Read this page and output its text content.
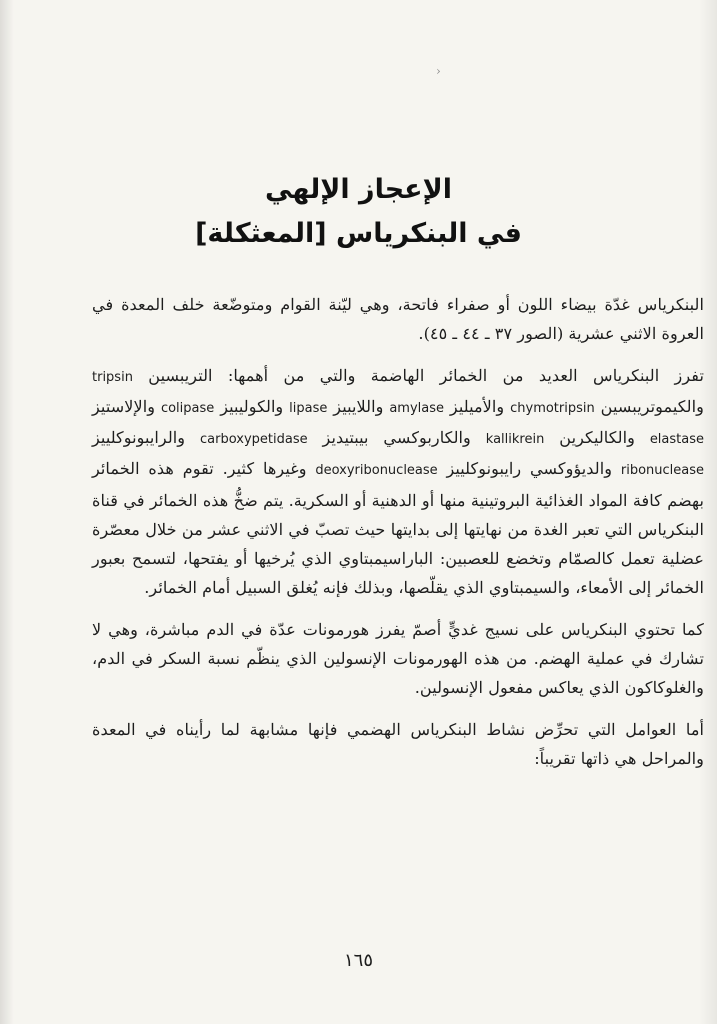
›
الإعجاز الإلهي
في البنكرياس [المعثكلة]

البنكرياس غدّة بيضاء اللون أو صفراء فاتحة، وهي ليّنة القوام ومتوضّعة خلف المعدة في العروة الاثني عشرية (الصور ٣٧ ـ ٤٤ ـ ٤٥).

تفرز البنكرياس العديد من الخمائر الهاضمة والتي من أهمها: التريبسين tripsin والكيموتريبسين chymotripsin والأميليز amylase واللايبيز lipase والكوليبيز colipase والإلاستيز elastase والكاليكرين kallikrein والكاربوكسي بيبتيديز carboxypetidase والرايبونوكلييز ribonuclease والديؤوكسي رايبونوكلييز deoxyribonuclease وغيرها كثير. تقوم هذه الخمائر بهضم كافة المواد الغذائية البروتينية منها أو الدهنية أو السكرية. يتم ضخُّ هذه الخمائر في قناة البنكرياس التي تعبر الغدة من نهايتها إلى بدايتها حيث تصبّ في الاثني عشر من خلال معصّرة عضلية تعمل كالصمّام وتخضع للعصبين: الباراسيمبتاوي الذي يُرخيها أو يفتحها، لتسمح بعبور الخمائر إلى الأمعاء، والسيمبتاوي الذي يقلّصها، وبذلك فإنه يُغلق السبيل أمام الخمائر.

كما تحتوي البنكرياس على نسيج غديٍّ أصمّ يفرز هورمونات عدّة في الدم مباشرة، وهي لا تشارك في عملية الهضم. من هذه الهورمونات الإنسولين الذي ينظّم نسبة السكر في الدم، والغلوكاكون الذي يعاكس مفعول الإنسولين.

أما العوامل التي تحرِّض نشاط البنكرياس الهضمي فإنها مشابهة لما رأيناه في المعدة والمراحل هي ذاتها تقريباً:

١٦٥
